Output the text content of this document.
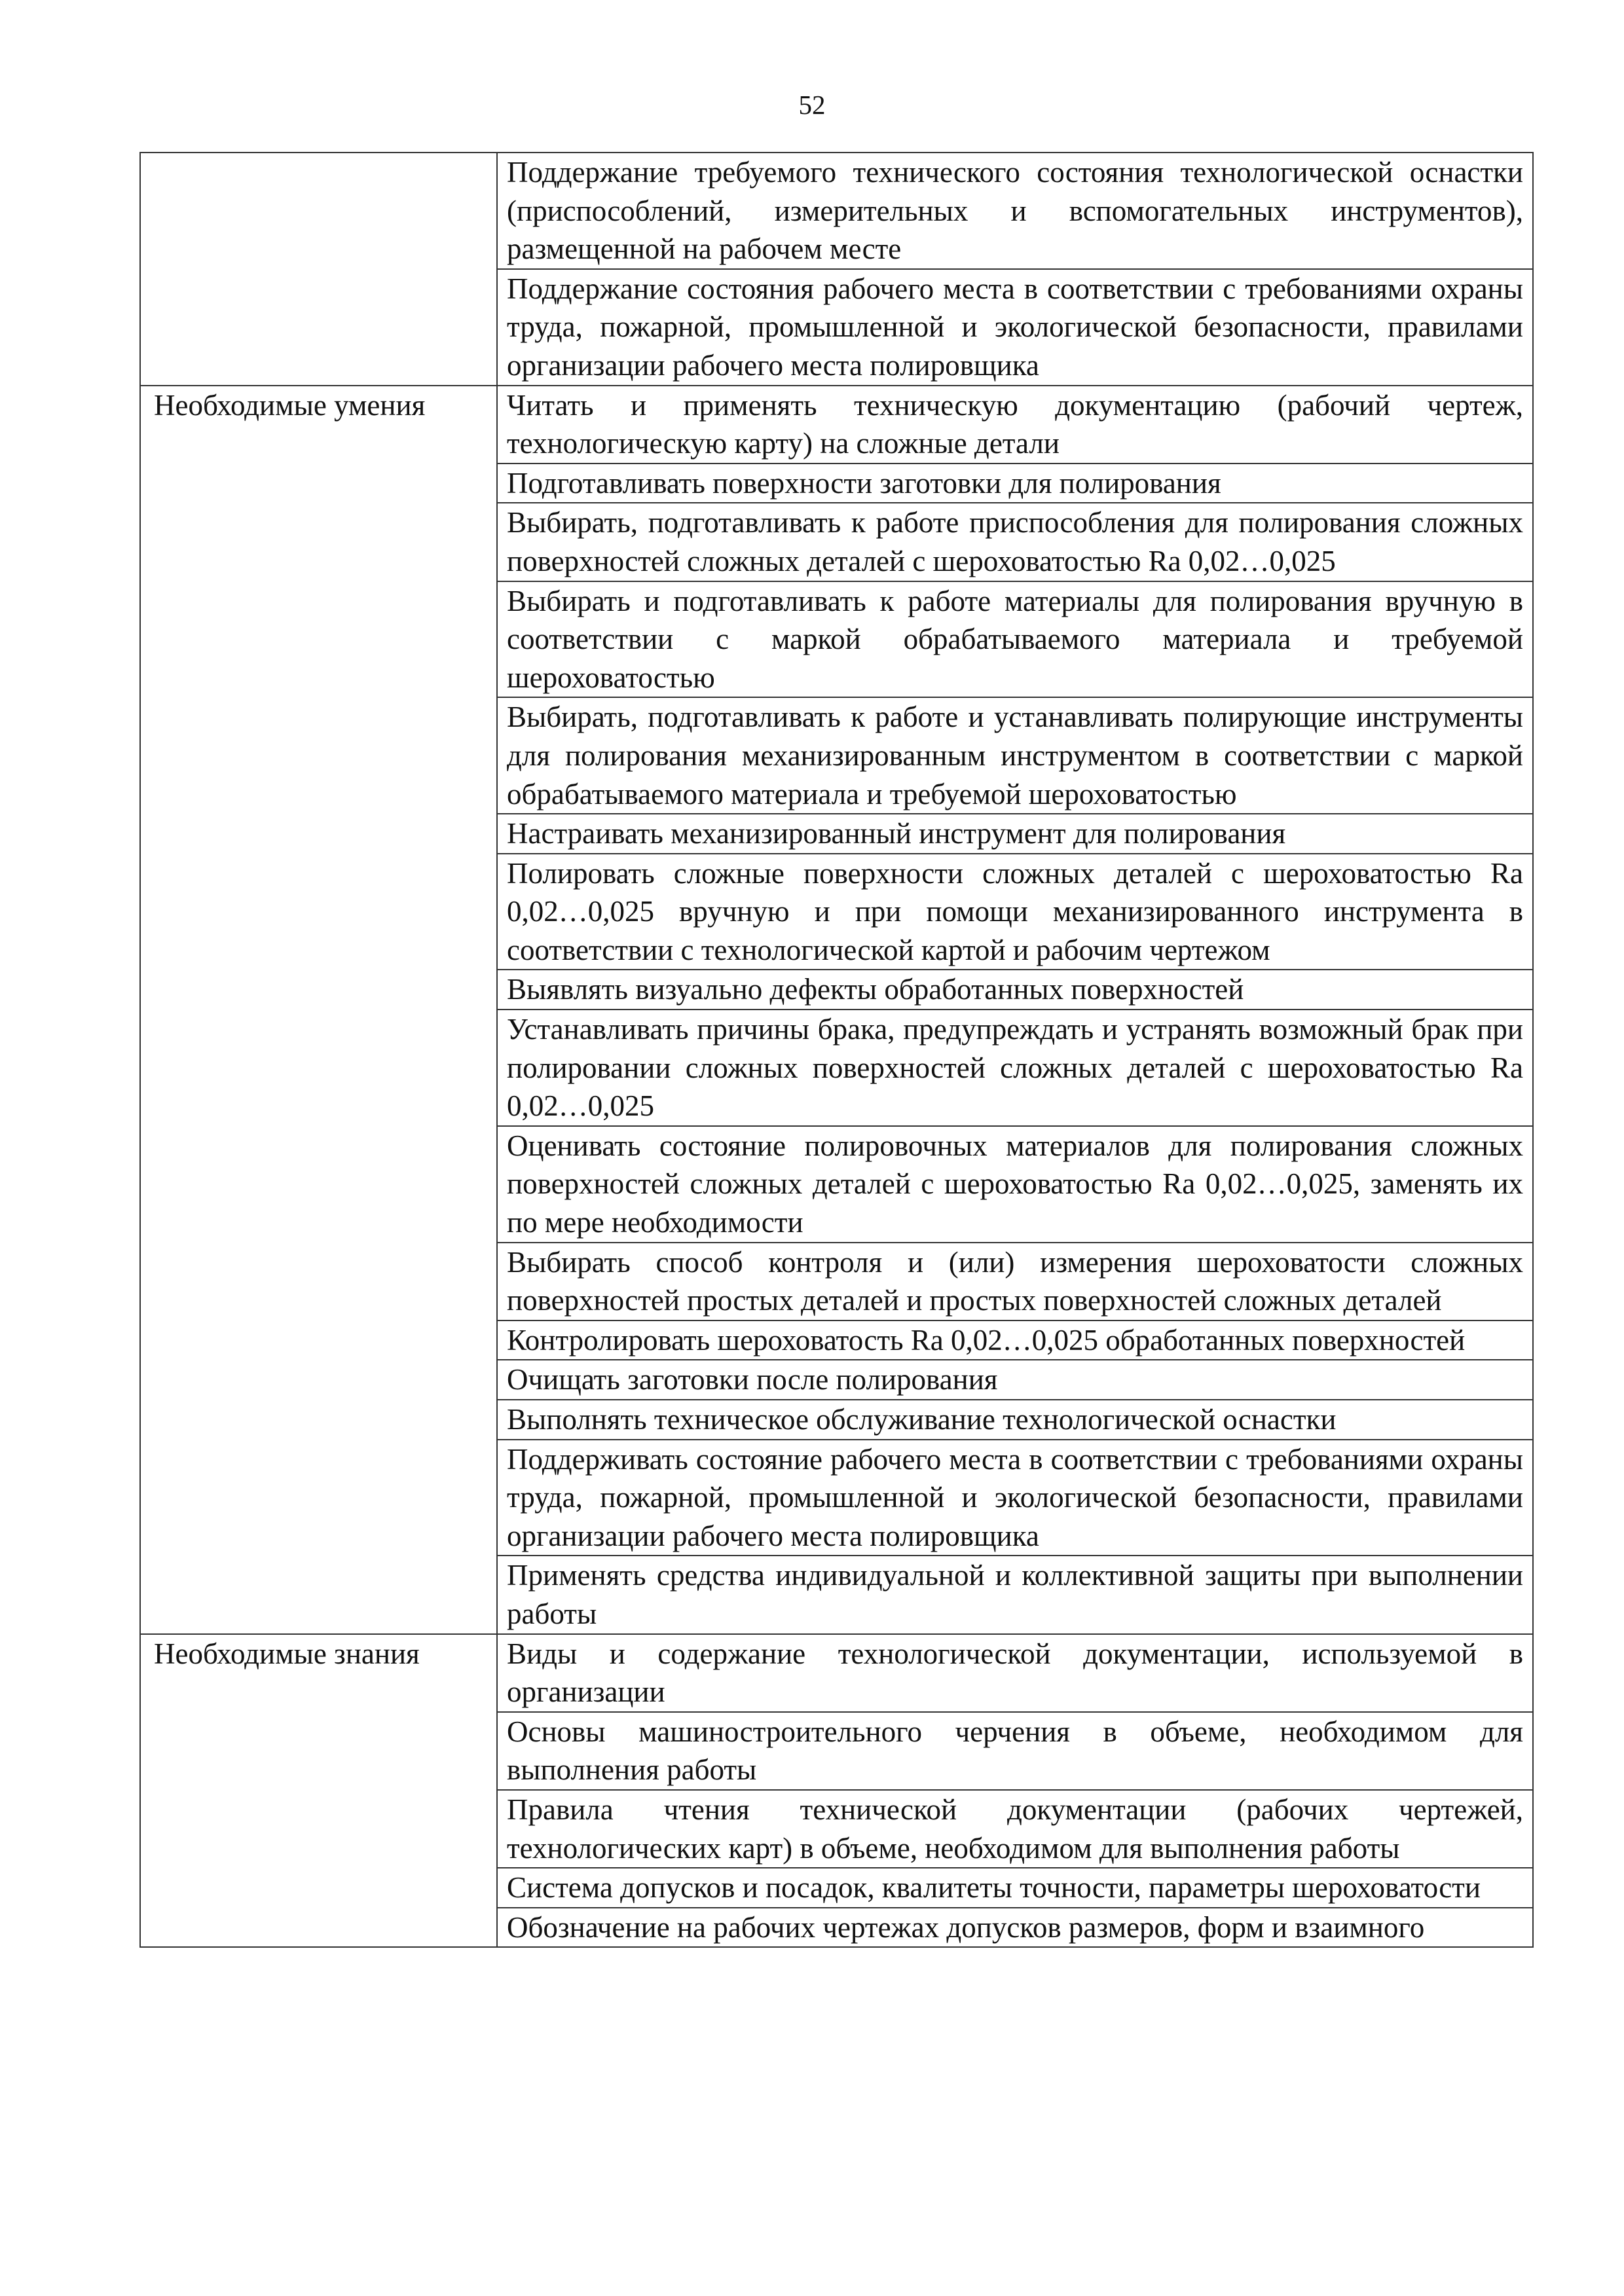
52
	Поддержание требуемого технического состояния технологической оснастки (приспособлений, измерительных и вспомогательных инструментов), размещенной на рабочем месте
	Поддержание состояния рабочего места в соответствии с требованиями охраны труда, пожарной, промышленной и экологической безопасности, правилами организации рабочего места полировщика
Необходимые умения	Читать и применять техническую документацию (рабочий чертеж, технологическую карту) на сложные детали
	Подготавливать поверхности заготовки для полирования
	Выбирать, подготавливать к работе приспособления для полирования сложных поверхностей сложных деталей с шероховатостью Ra 0,02…0,025
	Выбирать и подготавливать к работе материалы для полирования вручную в соответствии с маркой обрабатываемого материала и требуемой шероховатостью
	Выбирать, подготавливать к работе и устанавливать полирующие инструменты для полирования механизированным инструментом в соответствии с маркой обрабатываемого материала и требуемой шероховатостью
	Настраивать механизированный инструмент для полирования
	Полировать сложные поверхности сложных деталей с шероховатостью Ra 0,02…0,025 вручную и при помощи механизированного инструмента в соответствии с технологической картой и рабочим чертежом
	Выявлять визуально дефекты обработанных поверхностей
	Устанавливать причины брака, предупреждать и устранять возможный брак при полировании сложных поверхностей сложных деталей с шероховатостью Ra 0,02…0,025
	Оценивать состояние полировочных материалов для полирования сложных поверхностей сложных деталей с шероховатостью Ra 0,02…0,025, заменять их по мере необходимости
	Выбирать способ контроля и (или) измерения шероховатости сложных поверхностей простых деталей и простых поверхностей сложных деталей
	Контролировать шероховатость Ra 0,02…0,025 обработанных поверхностей
	Очищать заготовки после полирования
	Выполнять техническое обслуживание технологической оснастки
	Поддерживать состояние рабочего места в соответствии с требованиями охраны труда, пожарной, промышленной и экологической безопасности, правилами организации рабочего места полировщика
	Применять средства индивидуальной и коллективной защиты при выполнении работы
Необходимые знания	Виды и содержание технологической документации, используемой в организации
	Основы машиностроительного черчения в объеме, необходимом для выполнения работы
	Правила чтения технической документации (рабочих чертежей, технологических карт) в объеме, необходимом для выполнения работы
	Система допусков и посадок, квалитеты точности, параметры шероховатости
	Обозначение на рабочих чертежах допусков размеров, форм и взаимного
